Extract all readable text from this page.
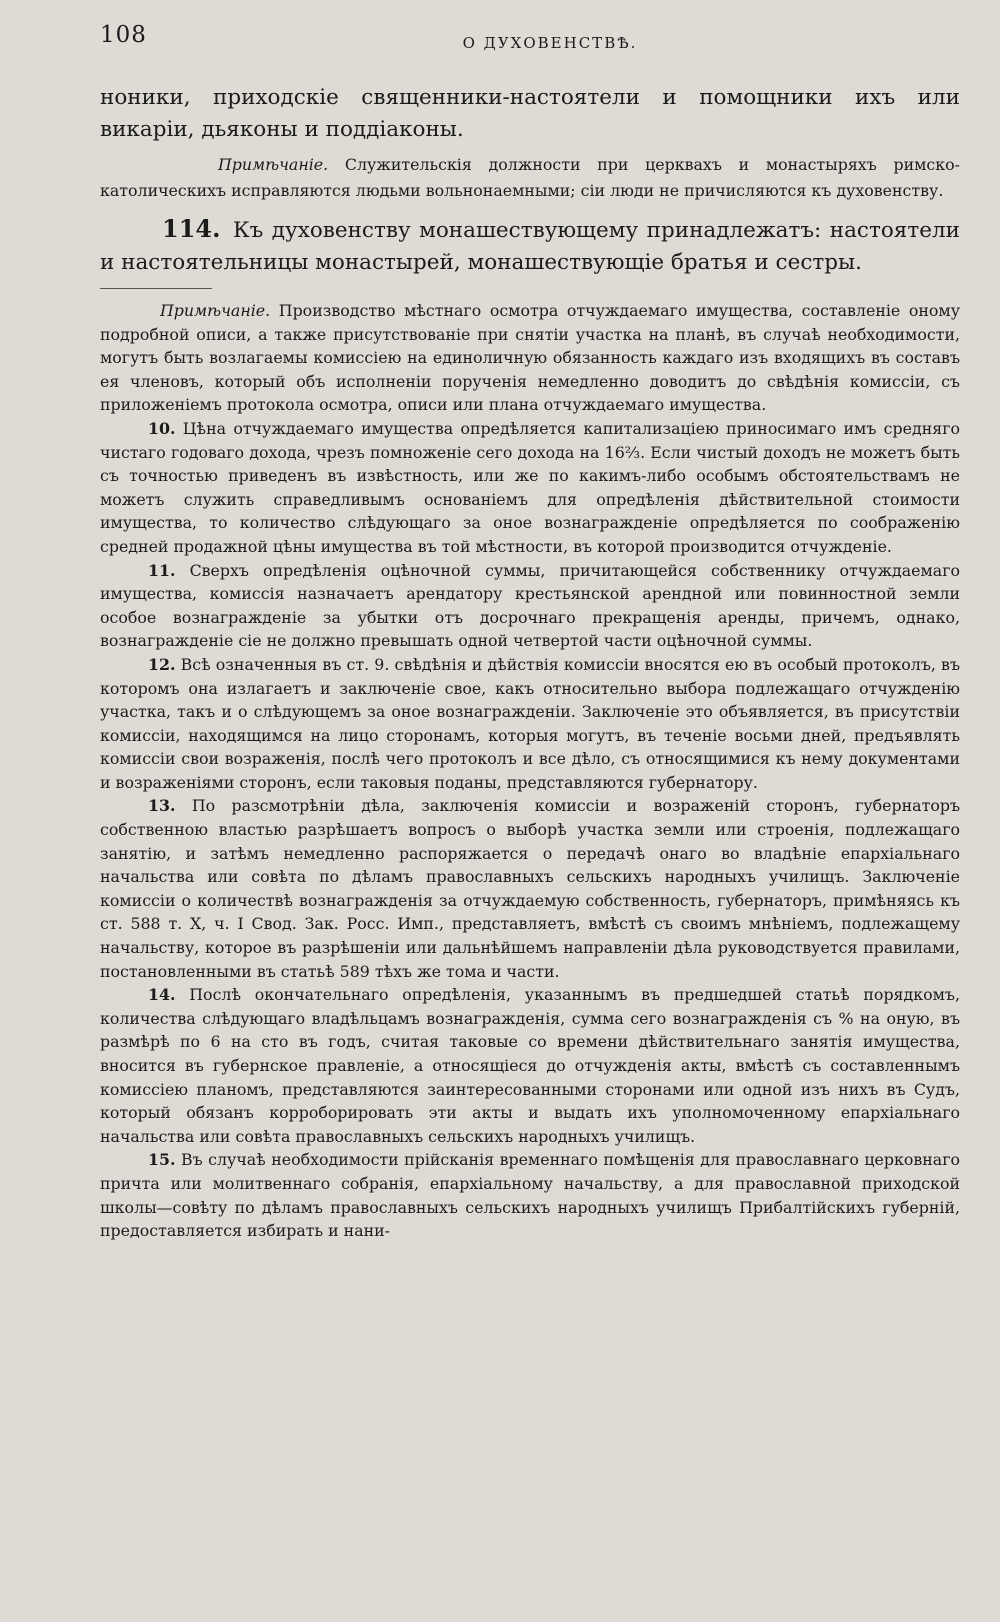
108	О ДУХОВЕНСТВѢ.

ноники, приходскіе священники-настоятели и помощники ихъ или викаріи, дьяконы и поддіаконы.

Примѣчаніе. Служительскія должности при церквахъ и монастыряхъ римско-католическихъ исправляются людьми вольнонаемными; сіи люди не причисляются къ духовенству.

114. Къ духовенству монашествующему принадлежатъ: настоятели и настоятельницы монастырей, монашествующіе братья и сестры.

Примѣчаніе. Производство мѣстнаго осмотра отчуждаемаго имущества, составленіе оному подробной описи, а также присутствованіе при снятіи участка на планѣ, въ случаѣ необходимости, могутъ быть возлагаемы комиссіею на единоличную обязанность каждаго изъ входящихъ въ составъ ея членовъ, который объ исполненіи порученія немедленно доводитъ до свѣдѣнія комиссіи, съ приложеніемъ протокола осмотра, описи или плана отчуждаемаго имущества.

10. Цѣна отчуждаемаго имущества опредѣляется капитализаціею приносимаго имъ средняго чистаго годоваго дохода, чрезъ помноженіе сего дохода на 16⅔. Если чистый доходъ не можетъ быть съ точностью приведенъ въ извѣстность, или же по какимъ-либо особымъ обстоятельствамъ не можетъ служить справедливымъ основаніемъ для опредѣленія дѣйствительной стоимости имущества, то количество слѣдующаго за оное вознагражденіе опредѣляется по соображенію средней продажной цѣны имущества въ той мѣстности, въ которой производится отчужденіе.

11. Сверхъ опредѣленія оцѣночной суммы, причитающейся собственнику отчуждаемаго имущества, комиссія назначаетъ арендатору крестьянской арендной или повинностной земли особое вознагражденіе за убытки отъ досрочнаго прекращенія аренды, причемъ, однако, вознагражденіе сіе не должно превышать одной четвертой части оцѣночной суммы.

12. Всѣ означенныя въ ст. 9. свѣдѣнія и дѣйствія комиссіи вносятся ею въ особый протоколъ, въ которомъ она излагаетъ и заключеніе свое, какъ относительно выбора подлежащаго отчужденію участка, такъ и о слѣдующемъ за оное вознагражденіи. Заключеніе это объявляется, въ присутствіи комиссіи, находящимся на лицо сторонамъ, которыя могутъ, въ теченіе восьми дней, предъявлять комиссіи свои возраженія, послѣ чего протоколъ и все дѣло, съ относящимися къ нему документами и возраженіями сторонъ, если таковыя поданы, представляются губернатору.

13. По разсмотрѣніи дѣла, заключенія комиссіи и возраженій сторонъ, губернаторъ собственною властью разрѣшаетъ вопросъ о выборѣ участка земли или строенія, подлежащаго занятію, и затѣмъ немедленно распоряжается о передачѣ онаго во владѣніе епархіальнаго начальства или совѣта по дѣламъ православныхъ сельскихъ народныхъ училищъ. Заключеніе комиссіи о количествѣ вознагражденія за отчуждаемую собственность, губернаторъ, примѣняясь къ ст. 588 т. X, ч. I Свод. Зак. Росс. Имп., представляетъ, вмѣстѣ съ своимъ мнѣніемъ, подлежащему начальству, которое въ разрѣшеніи или дальнѣйшемъ направленіи дѣла руководствуется правилами, постановленными въ статьѣ 589 тѣхъ же тома и части.

14. Послѣ окончательнаго опредѣленія, указаннымъ въ предшедшей статьѣ порядкомъ, количества слѣдующаго владѣльцамъ вознагражденія, сумма сего вознагражденія съ % на оную, въ размѣрѣ по 6 на сто въ годъ, считая таковые со времени дѣйствительнаго занятія имущества, вносится въ губернское правленіе, а относящіеся до отчужденія акты, вмѣстѣ съ составленнымъ комиссіею планомъ, представляются заинтересованными сторонами или одной изъ нихъ въ Судъ, который обязанъ корроборировать эти акты и выдать ихъ уполномоченному епархіальнаго начальства или совѣта православныхъ сельскихъ народныхъ училищъ.

15. Въ случаѣ необходимости прійсканія временнаго помѣщенія для православнаго церковнаго причта или молитвеннаго собранія, епархіальному начальству, а для православной приходской школы—совѣту по дѣламъ православныхъ сельскихъ народныхъ училищъ Прибалтійскихъ губерній, предоставляется избирать и нани-
